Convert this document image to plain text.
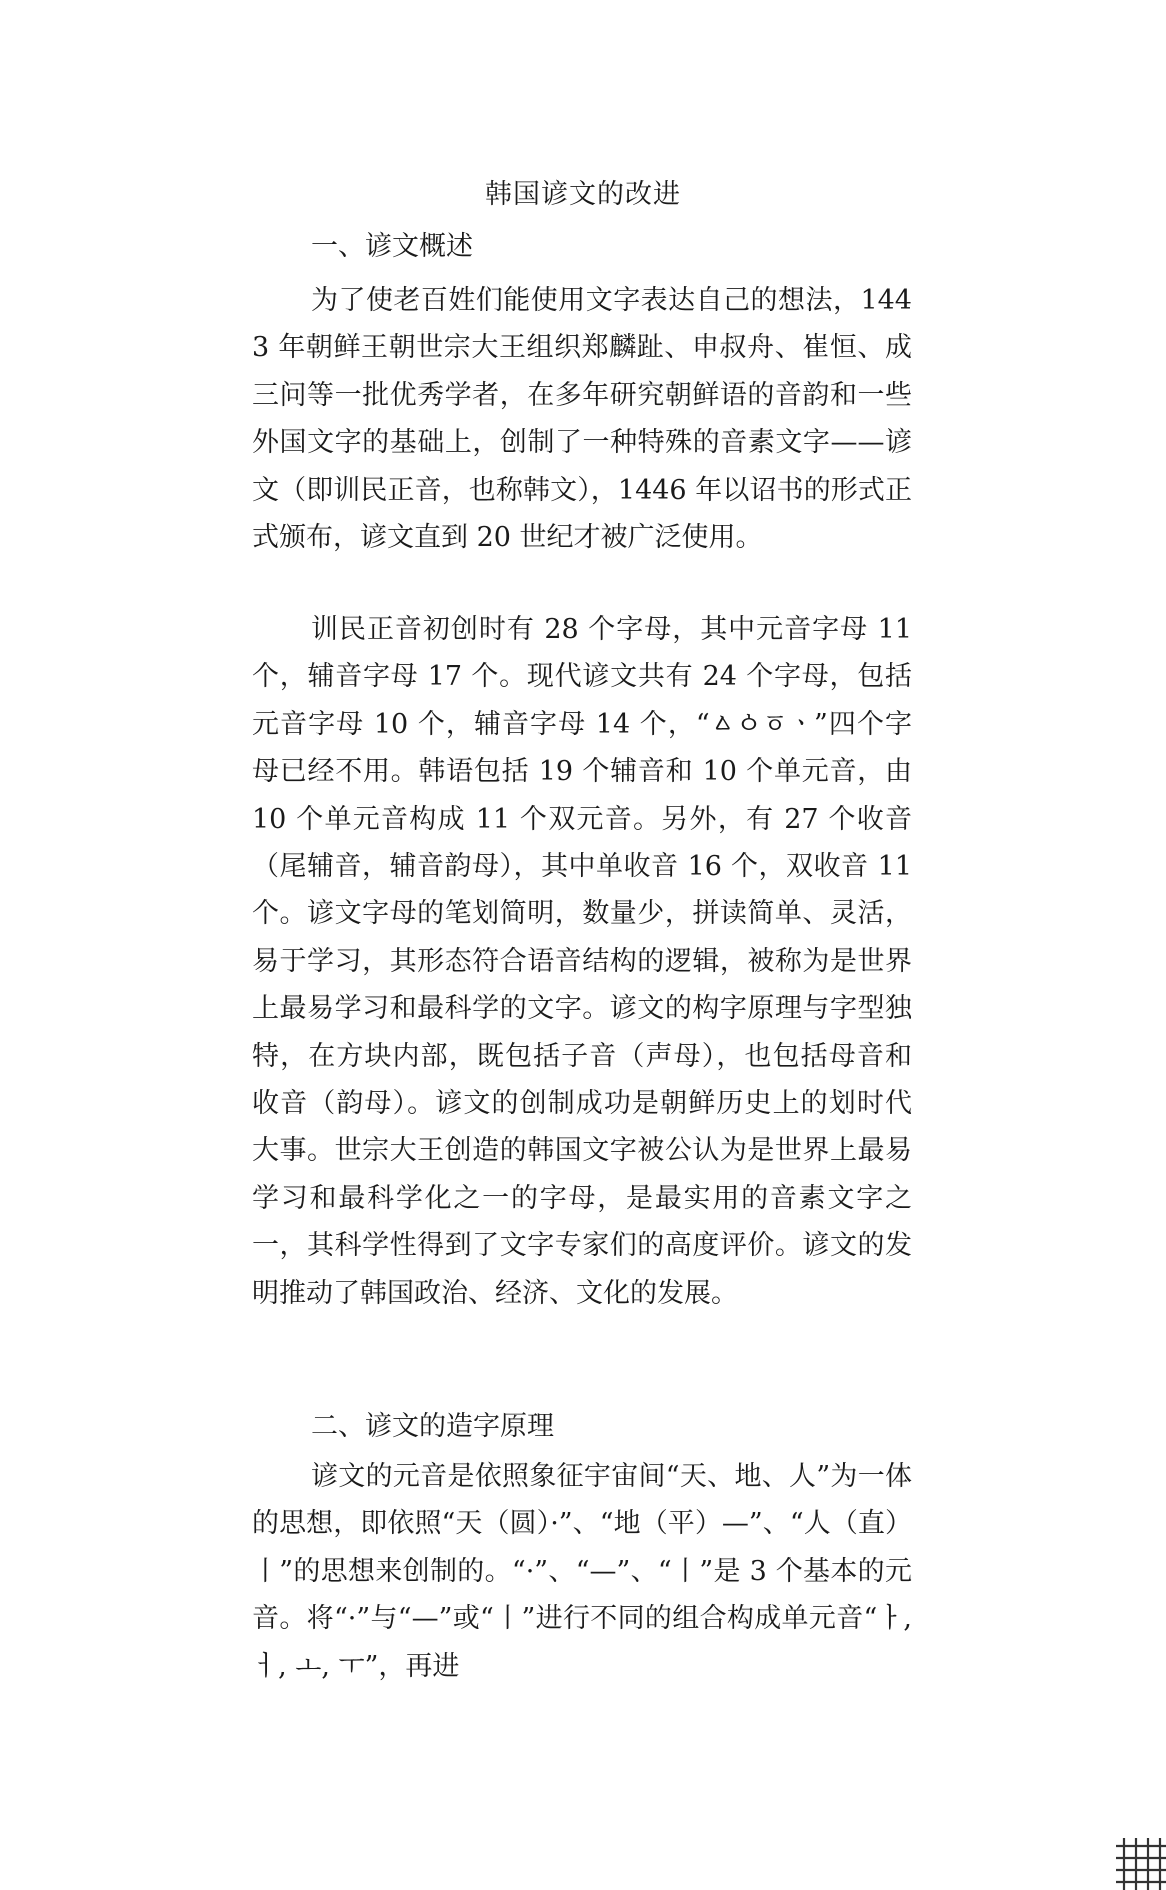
韩国谚文的改进
一、谚文概述

为了使老百姓们能使用文字表达自己的想法，1443 年朝鲜王朝世宗大王组织郑麟趾、申叔舟、崔恒、成三问等一批优秀学者，在多年研究朝鲜语的音韵和一些外国文字的基础上，创制了一种特殊的音素文字——谚文（即训民正音，也称韩文），1446 年以诏书的形式正式颁布，谚文直到 20 世纪才被广泛使用。

训民正音初创时有 28 个字母，其中元音字母 11 个，辅音字母 17 个。现代谚文共有 24 个字母，包括元音字母 10 个，辅音字母 14 个，“ㅿㆁㆆㆍ”四个字母已经不用。韩语包括 19 个辅音和 10 个单元音，由 10 个单元音构成 11 个双元音。另外，有 27 个收音（尾辅音，辅音韵母），其中单收音 16 个，双收音 11 个。谚文字母的笔划简明，数量少，拼读简单、灵活，易于学习，其形态符合语音结构的逻辑，被称为是世界上最易学习和最科学的文字。谚文的构字原理与字型独特，在方块内部，既包括子音（声母），也包括母音和收音（韵母）。谚文的创制成功是朝鲜历史上的划时代大事。世宗大王创造的韩国文字被公认为是世界上最易学习和最科学化之一的字母，是最实用的音素文字之一，其科学性得到了文字专家们的高度评价。谚文的发明推动了韩国政治、经济、文化的发展。

二、谚文的造字原理

谚文的元音是依照象征宇宙间“天、地、人”为一体的思想，即依照“天（圆）·”、“地（平）—”、“人（直）丨”的思想来创制的。“·”、“—”、“丨”是 3 个基本的元音。将“·”与“—”或“丨”进行不同的组合构成单元音“ㅏ, ㅓ, ㅗ, ㅜ”，再进
